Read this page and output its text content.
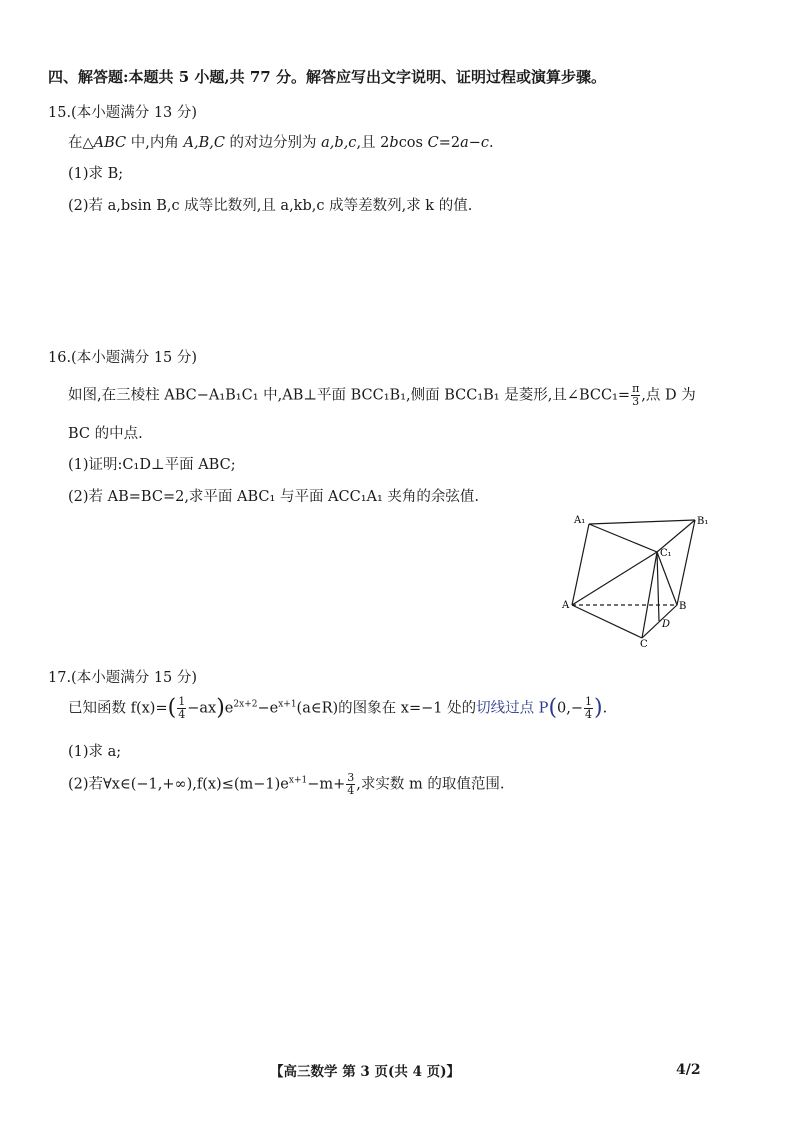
四、解答题:本题共 5 小题,共 77 分。解答应写出文字说明、证明过程或演算步骤。
15.(本小题满分 13 分)
在△ABC 中,内角 A,B,C 的对边分别为 a,b,c,且 2bcos C=2a−c.
(1)求 B;
(2)若 a,bsin B,c 成等比数列,且 a,kb,c 成等差数列,求 k 的值.
16.(本小题满分 15 分)
如图,在三棱柱 ABC−A₁B₁C₁ 中,AB⊥平面 BCC₁B₁,侧面 BCC₁B₁ 是菱形,且∠BCC₁= $\frac{\pi}{3}$ ,点 D 为
BC 的中点.
(1)证明:C₁D⊥平面 ABC;
(2)若 AB=BC=2,求平面 ABC₁ 与平面 ACC₁A₁ 夹角的余弦值.
A₁	B₁
C₁
A	B
D
C
17.(本小题满分 15 分)
已知函数 $f(x)=( \frac{1}{4}$ $-ax)e^{2x+2}-e^{x+1}(a\in R)$的图象在 x=−1 处的切线过点 $P(0,- \frac{1}{4}$ ).
(1)求 a;
(2)若$\forall x\in(-1,+\infty),f(x)\le(m-1)e^{x+1}-m+ \frac{3}{4}$ ,求实数 m 的取值范围.
【高三数学 第 3 页(共 4 页)】	4/2
